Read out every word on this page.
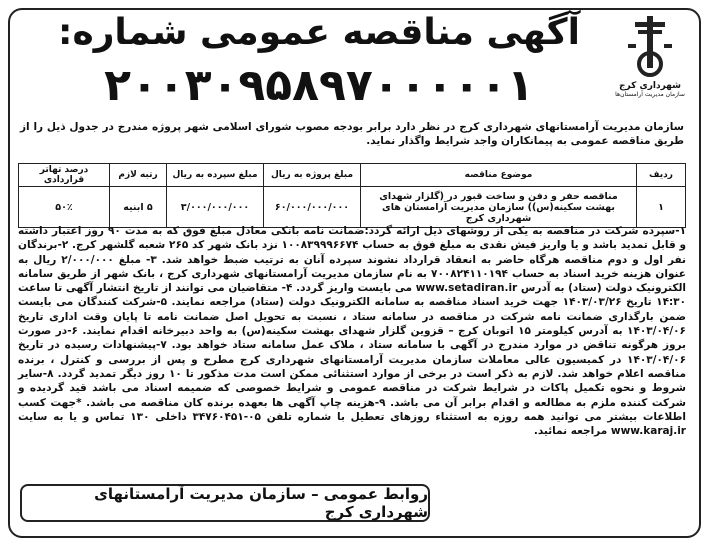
شهرداری کرج
سازمان مدیریت آرامستان‌ها
آگهی مناقصه عمومی شماره:
۲۰۰۳۰۹۵۸۹۷۰۰۰۰۰۱
سازمان مدیریت آرامستانهای شهرداری کرج در نظر دارد برابر بودجه مصوب شورای اسلامی شهر پروژه مندرج در جدول ذیل را از طریق مناقصه عمومی به پیمانکاران واجد شرایط واگذار نماید.
ردیف	موضوع مناقصه	مبلغ پروژه به ریال	مبلغ سپرده به ریال	رتبه لازم	درصد تهاتر قراردادی
۱	مناقصه حفر و دفن و ساخت قبور در (گلزار شهدای بهشت سکینه(س)) سازمان مدیریت آرامستان های شهرداری کرج	۶۰/۰۰۰/۰۰۰/۰۰۰	۳/۰۰۰/۰۰۰/۰۰۰	۵ ابنیه	۵۰٪
۱-سپرده شرکت در مناقصه به یکی از روشهای ذیل ارائه گردد:ضمانت نامه بانکی معادل مبلغ فوق که به مدت ۹۰ روز اعتبار داشته و قابل تمدید باشد و یا واریز فیش نقدی به مبلغ فوق به حساب ۱۰۰۸۳۹۹۹۶۶۷۴ نزد بانک شهر کد ۲۶۵ شعبه گلشهر کرج. ۲-برندگان نفر اول و دوم مناقصه هرگاه حاضر به انعقاد قرارداد نشوند سپرده آنان به ترتیب ضبط خواهد شد. ۳- مبلغ ۲/۰۰۰/۰۰۰ ریال به عنوان هزینه خرید اسناد به حساب ۷۰۰۸۲۴۱۱۰۱۹۴ به نام سازمان مدیریت آرامستانهای شهرداری کرج ، بانک شهر از طریق سامانه الکترونیک دولت (ستاد) به آدرس www.setadiran.ir می بایست واریز گردد. ۴- متقاضیان می توانند از تاریخ انتشار آگهی تا ساعت ۱۴:۳۰ تاریخ ۱۴۰۳/۰۳/۲۶ جهت خرید اسناد مناقصه به سامانه الکترونیک دولت (ستاد) مراجعه نمایند. ۵-شرکت کنندگان می بایست ضمن بارگذاری ضمانت نامه شرکت در مناقصه در سامانه ستاد ، نسبت به تحویل اصل ضمانت نامه تا پایان وقت اداری تاریخ ۱۴۰۳/۰۴/۰۶ به آدرس کیلومتر ۱۵ اتوبان کرج – قزوین گلزار شهدای بهشت سکینه(س) به واحد دبیرخانه اقدام نمایند. ۶-در صورت بروز هرگونه تناقض در موارد مندرج در آگهی با سامانه ستاد ، ملاک عمل سامانه ستاد خواهد بود. ۷-پیشنهادات رسیده در تاریخ ۱۴۰۳/۰۴/۰۶ در کمیسیون عالی معاملات سازمان مدیریت آرامستانهای شهرداری کرج مطرح و پس از بررسی و کنترل ، برنده مناقصه اعلام خواهد شد. لازم به ذکر است در برخی از موارد استثنائی ممکن است مدت مذکور تا ۱۰ روز دیگر تمدید گردد. ۸-سایر شروط و نحوه تکمیل پاکات در شرایط شرکت در مناقصه عمومی و شرایط خصوصی که ضمیمه اسناد می باشد قید گردیده و شرکت کننده ملزم به مطالعه و اقدام برابر آن می باشد. ۹-هزینه چاپ آگهی ها بعهده برنده کان مناقصه می باشد. *جهت کسب اطلاعات بیشتر می توانید همه روزه به استثناء روزهای تعطیل با شماره تلفن ۰۵-۳۴۷۶۰۴۵۱ داخلی ۱۳۰ تماس و یا به سایت www.karaj.ir مراجعه نمائید.
روابط عمومی – سازمان مدیریت آرامستانهای شهرداری کرج
